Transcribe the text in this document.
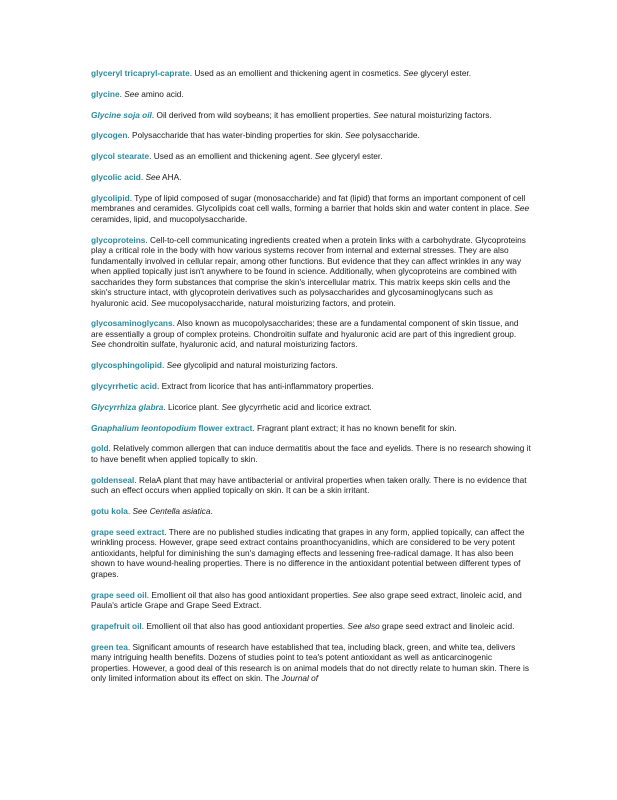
glyceryl tricapryl-caprate. Used as an emollient and thickening agent in cosmetics. See glyceryl ester.

glycine. See amino acid.

Glycine soja oil. Oil derived from wild soybeans; it has emollient properties. See natural moisturizing factors.

glycogen. Polysaccharide that has water-binding properties for skin. See polysaccharide.

glycol stearate. Used as an emollient and thickening agent. See glyceryl ester.

glycolic acid. See AHA.

glycolipid. Type of lipid composed of sugar (monosaccharide) and fat (lipid) that forms an important component of cell membranes and ceramides. Glycolipids coat cell walls, forming a barrier that holds skin and water content in place. See ceramides, lipid, and mucopolysaccharide.

glycoproteins. Cell-to-cell communicating ingredients created when a protein links with a carbohydrate. Glycoproteins play a critical role in the body with how various systems recover from internal and external stresses. They are also fundamentally involved in cellular repair, among other functions. But evidence that they can affect wrinkles in any way when applied topically just isn't anywhere to be found in science. Additionally, when glycoproteins are combined with saccharides they form substances that comprise the skin's intercellular matrix. This matrix keeps skin cells and the skin's structure intact, with glycoprotein derivatives such as polysaccharides and glycosaminoglycans such as hyaluronic acid. See mucopolysaccharide, natural moisturizing factors, and protein.

glycosaminoglycans. Also known as mucopolysaccharides; these are a fundamental component of skin tissue, and are essentially a group of complex proteins. Chondroitin sulfate and hyaluronic acid are part of this ingredient group. See chondroitin sulfate, hyaluronic acid, and natural moisturizing factors.

glycosphingolipid. See glycolipid and natural moisturizing factors.

glycyrrhetic acid. Extract from licorice that has anti-inflammatory properties.

Glycyrrhiza glabra. Licorice plant. See glycyrrhetic acid and licorice extract.

Gnaphalium leontopodium flower extract. Fragrant plant extract; it has no known benefit for skin.

gold. Relatively common allergen that can induce dermatitis about the face and eyelids. There is no research showing it to have benefit when applied topically to skin.

goldenseal. RelaA plant that may have antibacterial or antiviral properties when taken orally. There is no evidence that such an effect occurs when applied topically on skin. It can be a skin irritant.

gotu kola. See Centella asiatica.

grape seed extract. There are no published studies indicating that grapes in any form, applied topically, can affect the wrinkling process. However, grape seed extract contains proanthocyanidins, which are considered to be very potent antioxidants, helpful for diminishing the sun's damaging effects and lessening free-radical damage. It has also been shown to have wound-healing properties. There is no difference in the antioxidant potential between different types of grapes.

grape seed oil. Emollient oil that also has good antioxidant properties. See also grape seed extract, linoleic acid, and Paula's article Grape and Grape Seed Extract.

grapefruit oil. Emollient oil that also has good antioxidant properties. See also grape seed extract and linoleic acid.

green tea. Significant amounts of research have established that tea, including black, green, and white tea, delivers many intriguing health benefits. Dozens of studies point to tea's potent antioxidant as well as anticarcinogenic properties. However, a good deal of this research is on animal models that do not directly relate to human skin. There is only limited information about its effect on skin. The Journal of
